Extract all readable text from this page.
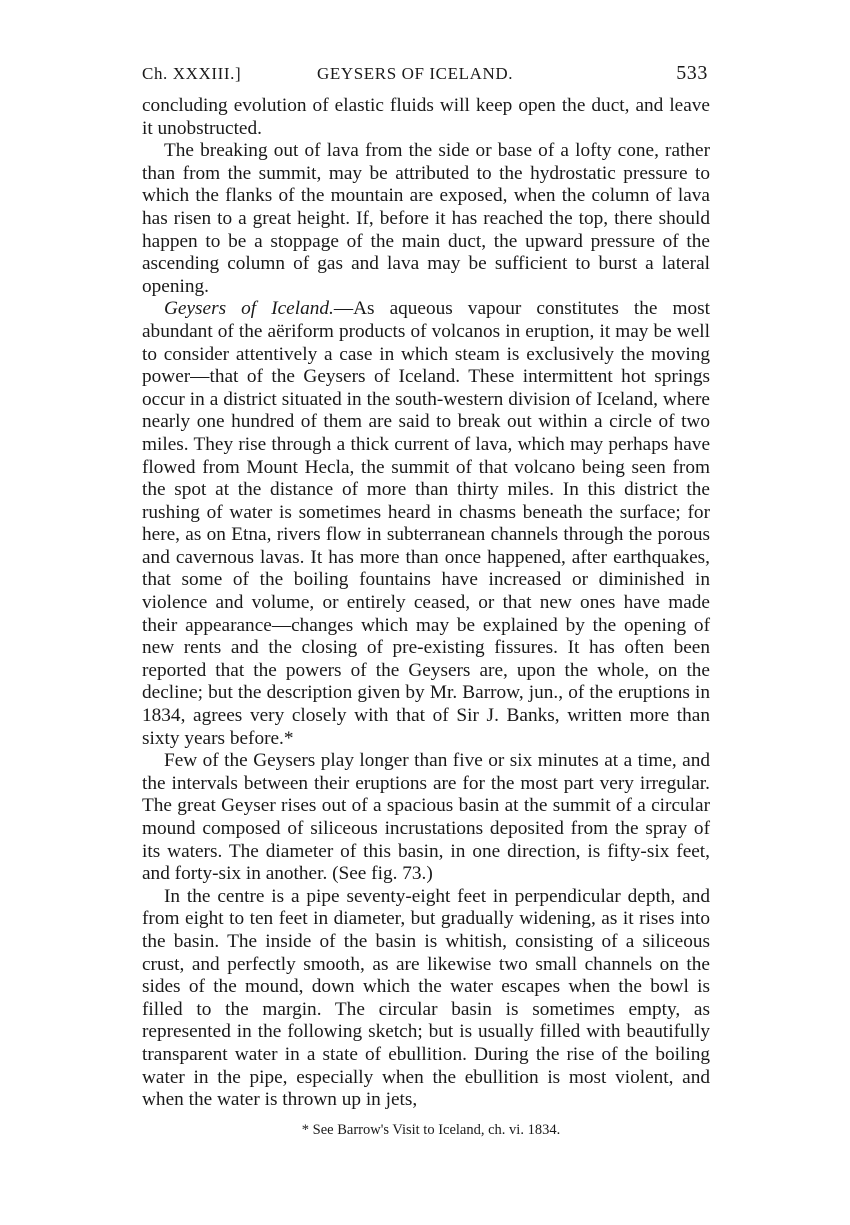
Ch. XXXIII.]	GEYSERS OF ICELAND.	533

concluding evolution of elastic fluids will keep open the duct, and leave it unobstructed.

The breaking out of lava from the side or base of a lofty cone, rather than from the summit, may be attributed to the hydrostatic pressure to which the flanks of the mountain are exposed, when the column of lava has risen to a great height. If, before it has reached the top, there should happen to be a stoppage of the main duct, the upward pressure of the ascending column of gas and lava may be sufficient to burst a lateral opening.

Geysers of Iceland.—As aqueous vapour constitutes the most abundant of the aëriform products of volcanos in eruption, it may be well to consider attentively a case in which steam is exclusively the moving power—that of the Geysers of Iceland. These intermittent hot springs occur in a district situated in the south-western division of Iceland, where nearly one hundred of them are said to break out within a circle of two miles. They rise through a thick current of lava, which may perhaps have flowed from Mount Hecla, the summit of that volcano being seen from the spot at the distance of more than thirty miles. In this district the rushing of water is sometimes heard in chasms beneath the surface; for here, as on Etna, rivers flow in subterranean channels through the porous and cavernous lavas. It has more than once happened, after earthquakes, that some of the boiling fountains have increased or diminished in violence and volume, or entirely ceased, or that new ones have made their appearance—changes which may be explained by the opening of new rents and the closing of pre-existing fissures. It has often been reported that the powers of the Geysers are, upon the whole, on the decline; but the description given by Mr. Barrow, jun., of the eruptions in 1834, agrees very closely with that of Sir J. Banks, written more than sixty years before.*

Few of the Geysers play longer than five or six minutes at a time, and the intervals between their eruptions are for the most part very irregular. The great Geyser rises out of a spacious basin at the summit of a circular mound composed of siliceous incrustations deposited from the spray of its waters. The diameter of this basin, in one direction, is fifty-six feet, and forty-six in another. (See fig. 73.)

In the centre is a pipe seventy-eight feet in perpendicular depth, and from eight to ten feet in diameter, but gradually widening, as it rises into the basin. The inside of the basin is whitish, consisting of a siliceous crust, and perfectly smooth, as are likewise two small channels on the sides of the mound, down which the water escapes when the bowl is filled to the margin. The circular basin is sometimes empty, as represented in the following sketch; but is usually filled with beautifully transparent water in a state of ebullition. During the rise of the boiling water in the pipe, especially when the ebullition is most violent, and when the water is thrown up in jets,

* See Barrow's Visit to Iceland, ch. vi. 1834.
